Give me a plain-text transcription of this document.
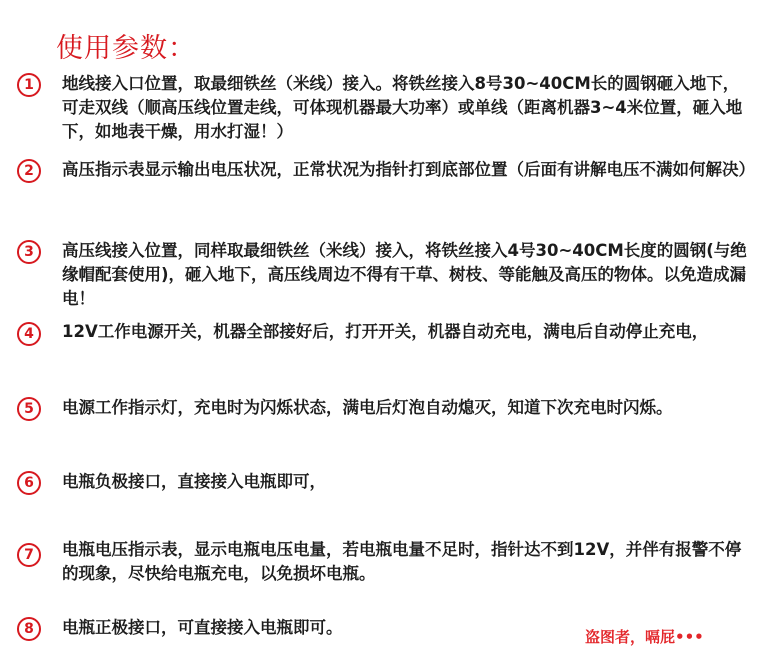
使用参数：
1	地线接入口位置，取最细铁丝（米线）接入。将铁丝接入8号30~40CM长的圆钢砸入地下，可走双线（顺高压线位置走线，可体现机器最大功率）或单线（距离机器3~4米位置，砸入地下，如地表干燥，用水打湿！）
2	高压指示表显示输出电压状况，正常状况为指针打到底部位置（后面有讲解电压不满如何解决）
3	高压线接入位置，同样取最细铁丝（米线）接入，将铁丝接入4号30~40CM长度的圆钢(与绝缘帽配套使用)，砸入地下，高压线周边不得有干草、树枝、等能触及高压的物体。以免造成漏电！
4	12V工作电源开关，机器全部接好后，打开开关，机器自动充电，满电后自动停止充电，
5	电源工作指示灯，充电时为闪烁状态，满电后灯泡自动熄灭，知道下次充电时闪烁。
6	电瓶负极接口，直接接入电瓶即可，
7	电瓶电压指示表，显示电瓶电压电量，若电瓶电量不足时，指针达不到12V，并伴有报警不停的现象，尽快给电瓶充电，以免损坏电瓶。
8	电瓶正极接口，可直接接入电瓶即可。	盗图者，嗝屁•••
